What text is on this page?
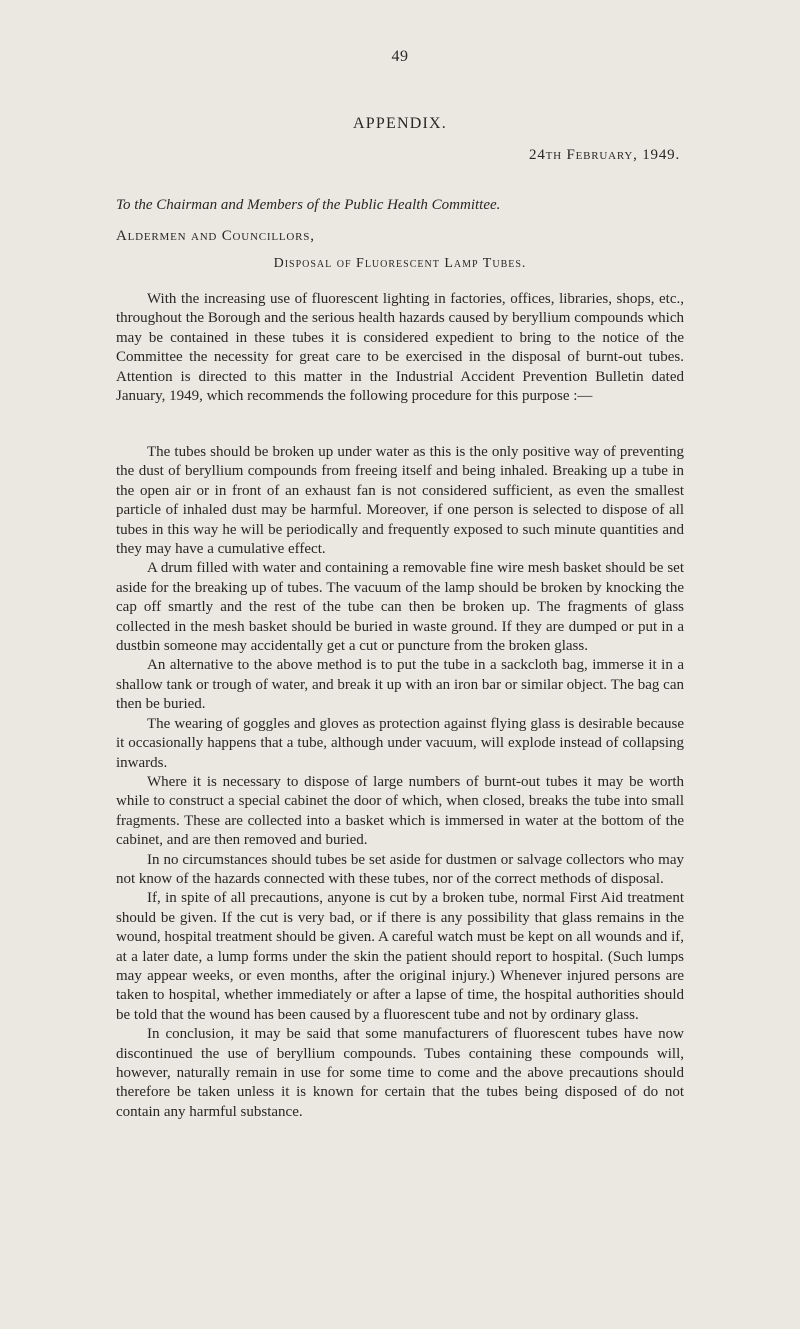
49
APPENDIX.
24th February, 1949.
To the Chairman and Members of the Public Health Committee.
Aldermen and Councillors,
Disposal of Fluorescent Lamp Tubes.

With the increasing use of fluorescent lighting in factories, offices, libraries, shops, etc., throughout the Borough and the serious health hazards caused by beryllium compounds which may be contained in these tubes it is considered expedient to bring to the notice of the Committee the necessity for great care to be exercised in the disposal of burnt-out tubes. Attention is directed to this matter in the Industrial Accident Prevention Bulletin dated January, 1949, which recommends the following procedure for this purpose :—

The tubes should be broken up under water as this is the only positive way of preventing the dust of beryllium compounds from freeing itself and being inhaled. Breaking up a tube in the open air or in front of an exhaust fan is not considered sufficient, as even the smallest particle of inhaled dust may be harmful. Moreover, if one person is selected to dispose of all tubes in this way he will be periodically and frequently exposed to such minute quantities and they may have a cumulative effect.

A drum filled with water and containing a removable fine wire mesh basket should be set aside for the breaking up of tubes. The vacuum of the lamp should be broken by knocking the cap off smartly and the rest of the tube can then be broken up. The fragments of glass collected in the mesh basket should be buried in waste ground. If they are dumped or put in a dustbin someone may accidentally get a cut or puncture from the broken glass.

An alternative to the above method is to put the tube in a sackcloth bag, immerse it in a shallow tank or trough of water, and break it up with an iron bar or similar object. The bag can then be buried.

The wearing of goggles and gloves as protection against flying glass is desirable because it occasionally happens that a tube, although under vacuum, will explode instead of collapsing inwards.

Where it is necessary to dispose of large numbers of burnt-out tubes it may be worth while to construct a special cabinet the door of which, when closed, breaks the tube into small fragments. These are collected into a basket which is immersed in water at the bottom of the cabinet, and are then removed and buried.

In no circumstances should tubes be set aside for dustmen or salvage collectors who may not know of the hazards connected with these tubes, nor of the correct methods of disposal.

If, in spite of all precautions, anyone is cut by a broken tube, normal First Aid treatment should be given. If the cut is very bad, or if there is any possibility that glass remains in the wound, hospital treatment should be given. A careful watch must be kept on all wounds and if, at a later date, a lump forms under the skin the patient should report to hospital. (Such lumps may appear weeks, or even months, after the original injury.) Whenever injured persons are taken to hospital, whether immediately or after a lapse of time, the hospital authorities should be told that the wound has been caused by a fluorescent tube and not by ordinary glass.

In conclusion, it may be said that some manufacturers of fluorescent tubes have now discontinued the use of beryllium compounds. Tubes containing these compounds will, however, naturally remain in use for some time to come and the above precautions should therefore be taken unless it is known for certain that the tubes being disposed of do not contain any harmful substance.
